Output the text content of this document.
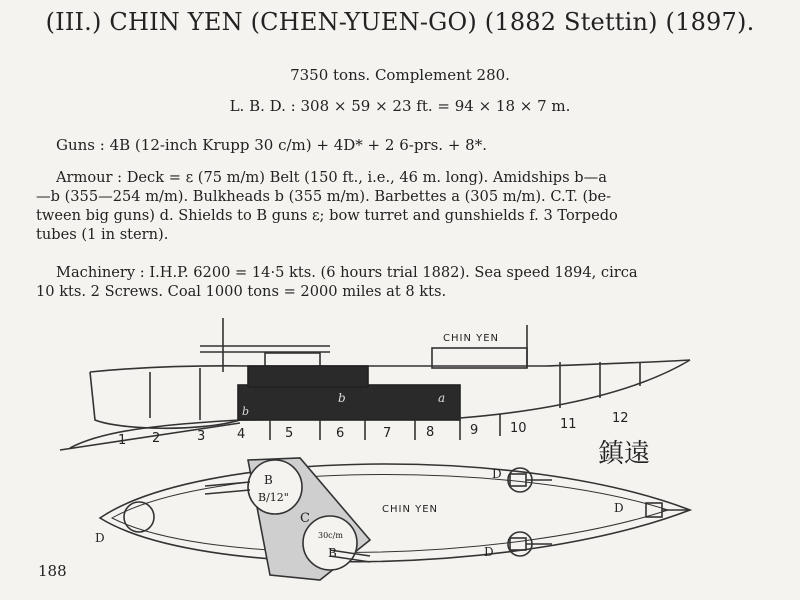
(III.) CHIN YEN (CHEN-YUEN-GO) (1882 Stettin) (1897).
7350 tons. Complement 280.
L. B. D. : 308 × 59 × 23 ft. = 94 × 18 × 7 m.
Guns : 4B (12-inch Krupp 30 c/m) + 4D* + 2 6-prs. + 8*.
Armour : Deck = ε (75 m/m) Belt (150 ft., i.e., 46 m. long). Amidships b—a
—b (355—254 m/m). Bulkheads b (355 m/m). Barbettes a (305 m/m). C.T. (be-
tween big guns) d. Shields to B guns ε; bow turret and gunshields f. 3 Torpedo
tubes (1 in stern).
Machinery : I.H.P. 6200 = 14·5 kts. (6 hours trial 1882). Sea speed 1894, circa
10 kts. 2 Screws. Coal 1000 tons = 2000 miles at 8 kts.
CHIN YEN
b	a
b
1 2	3 4	5	6	7	8	9 10	11	12
鎮遠
CHIN YEN
B
B/12"
C
30c/m
B
D
D
D
D
188
